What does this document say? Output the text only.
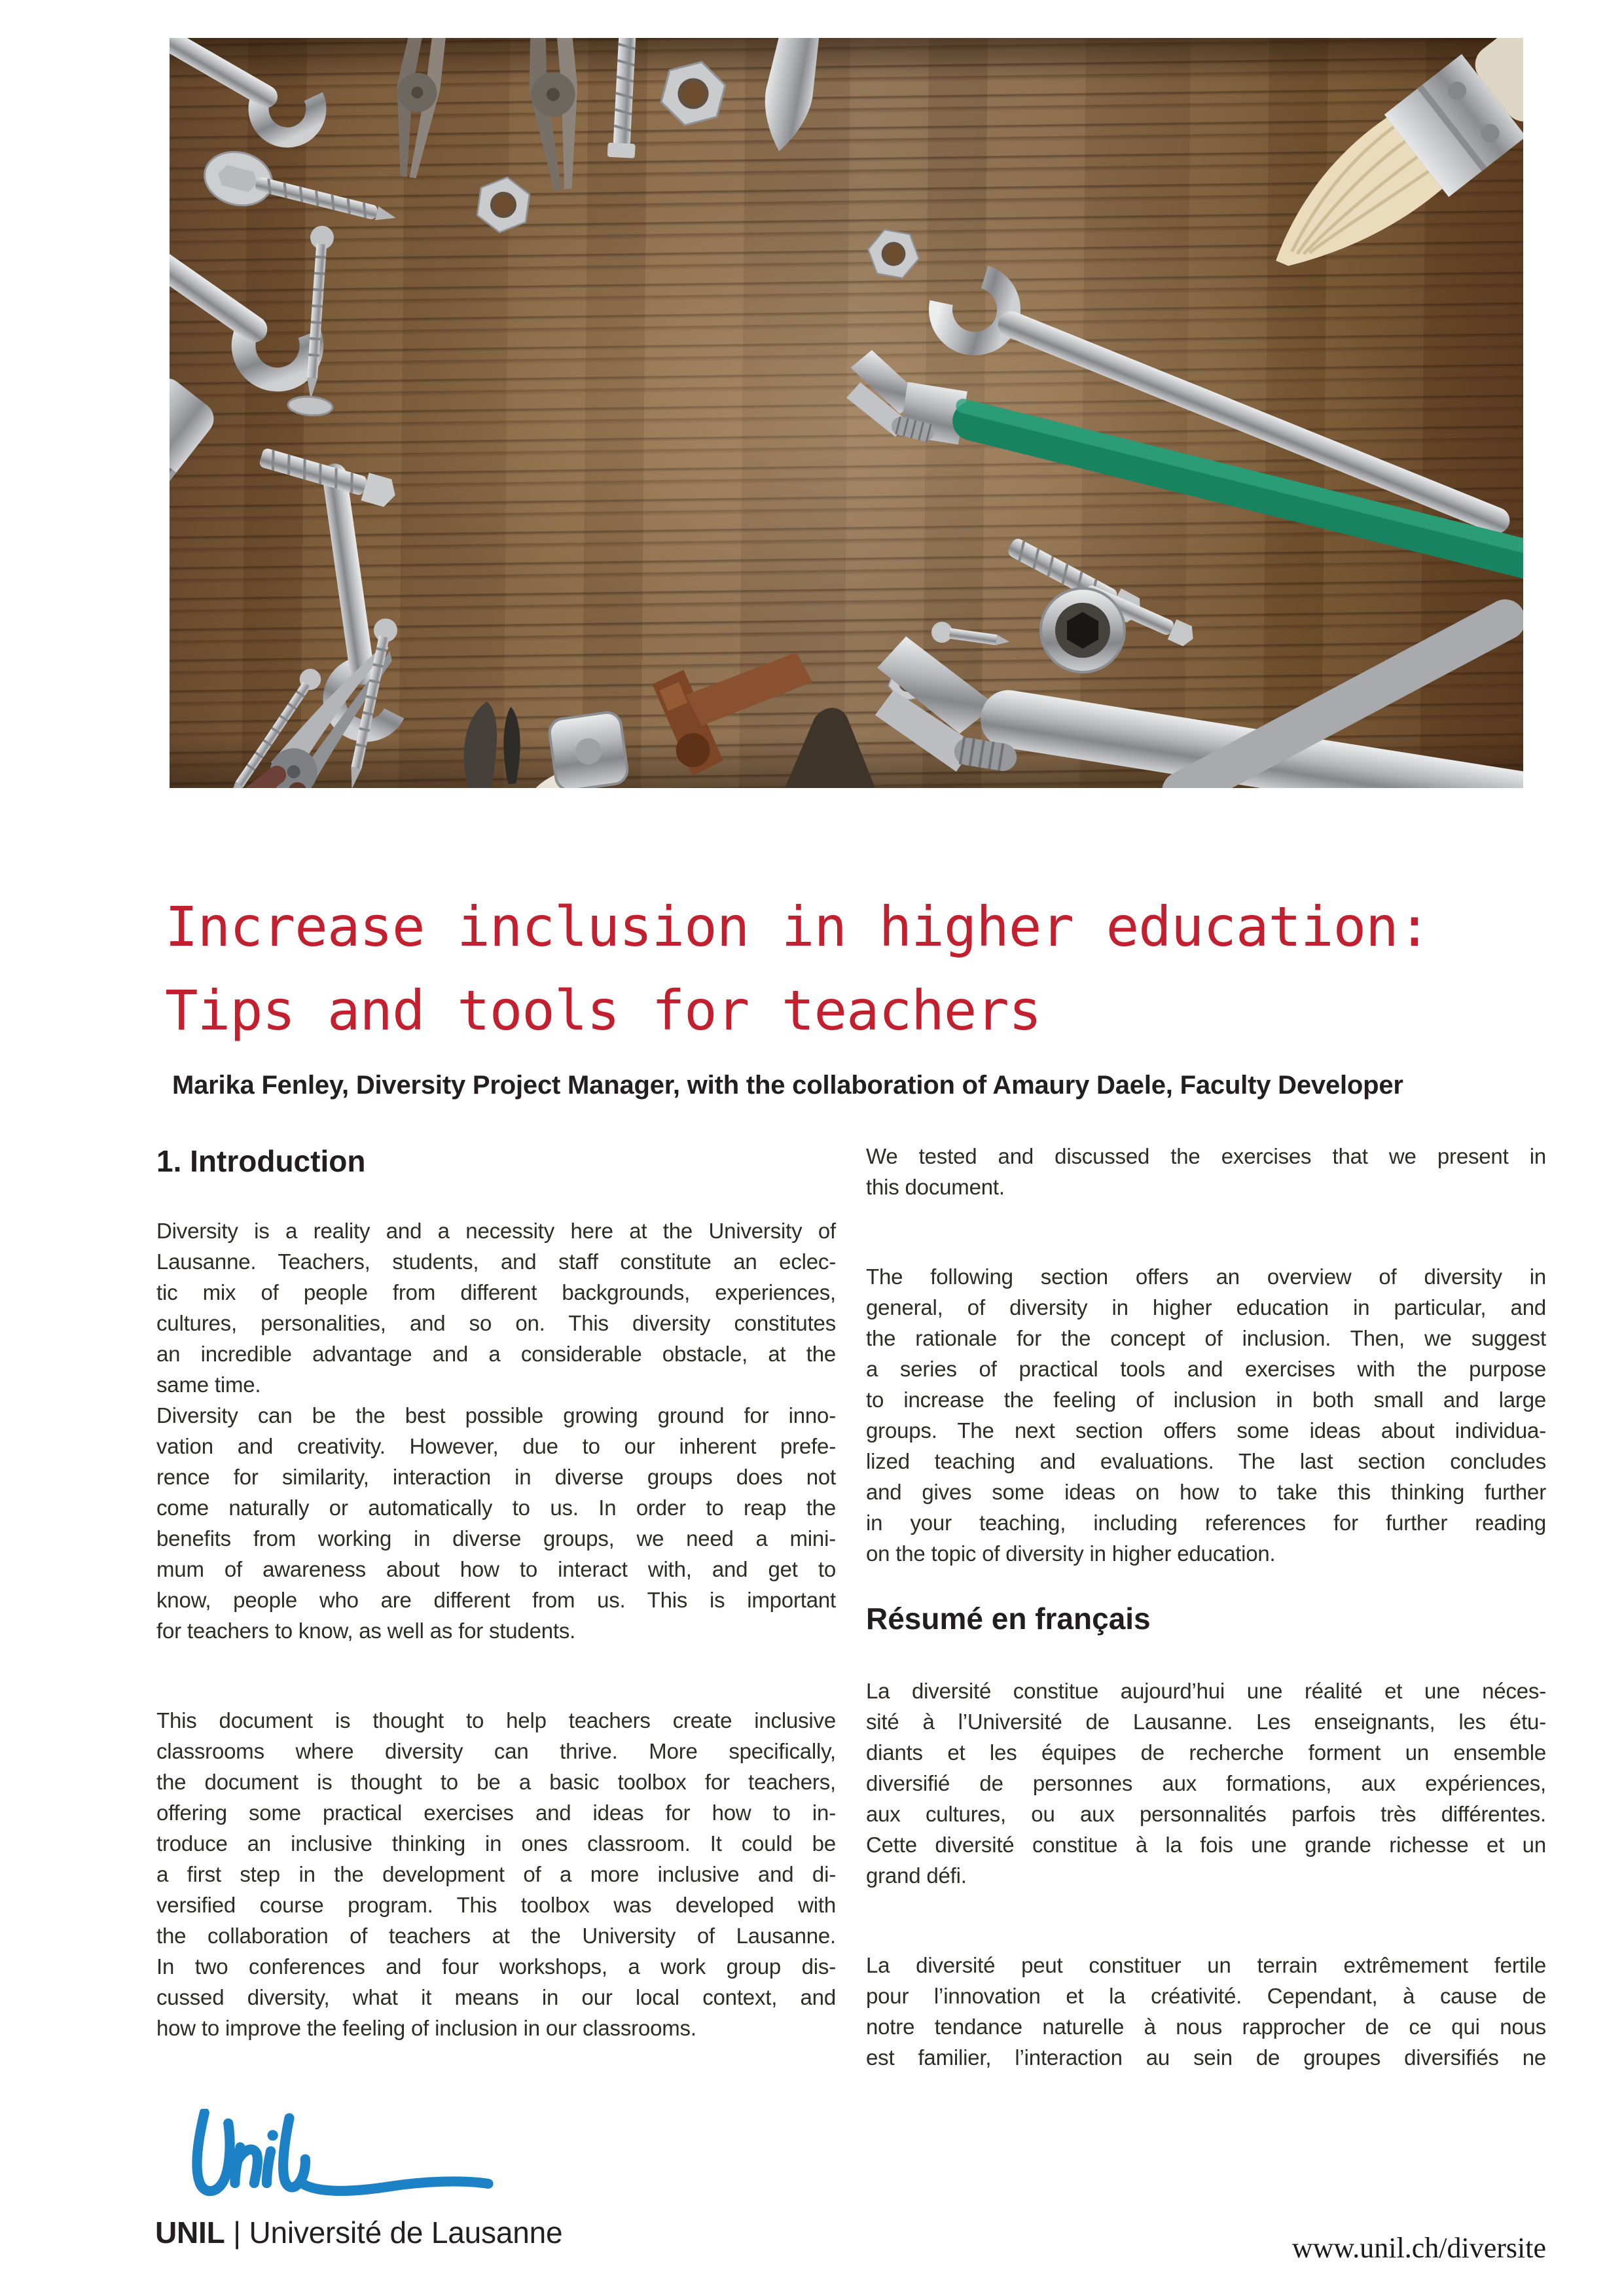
Increase inclusion in higher education:
Tips and tools for teachers
Marika Fenley, Diversity Project Manager, with the collaboration of Amaury Daele, Faculty Developer
1. Introduction
Diversity is a reality and a necessity here at the University of
Lausanne. Teachers, students, and staff constitute an eclec-
tic mix of people from different backgrounds, experiences,
cultures, personalities, and so on. This diversity constitutes
an incredible advantage and a considerable obstacle, at the
same time.
Diversity can be the best possible growing ground for inno-
vation and creativity. However, due to our inherent prefe-
rence for similarity, interaction in diverse groups does not
come naturally or automatically to us. In order to reap the
benefits from working in diverse groups, we need a mini-
mum of awareness about how to interact with, and get to
know, people who are different from us. This is important
for teachers to know, as well as for students.
This document is thought to help teachers create inclusive
classrooms where diversity can thrive. More specifically,
the document is thought to be a basic toolbox for teachers,
offering some practical exercises and ideas for how to in-
troduce an inclusive thinking in ones classroom. It could be
a first step in the development of a more inclusive and di-
versified course program. This toolbox was developed with
the collaboration of teachers at the University of Lausanne.
In two conferences and four workshops, a work group dis-
cussed diversity, what it means in our local context, and
how to improve the feeling of inclusion in our classrooms.
We tested and discussed the exercises that we present in
this document.
The following section offers an overview of diversity in
general, of diversity in higher education in particular, and
the rationale for the concept of inclusion. Then, we suggest
a series of practical tools and exercises with the purpose
to increase the feeling of inclusion in both small and large
groups. The next section offers some ideas about individua-
lized teaching and evaluations. The last section concludes
and gives some ideas on how to take this thinking further
in your teaching, including references for further reading
on the topic of diversity in higher education.
Résumé en français
La diversité constitue aujourd’hui une réalité et une néces-
sité à l’Université de Lausanne. Les enseignants, les étu-
diants et les équipes de recherche forment un ensemble
diversifié de personnes aux formations, aux expériences,
aux cultures, ou aux personnalités parfois très différentes.
Cette diversité constitue à la fois une grande richesse et un
grand défi.
La diversité peut constituer un terrain extrêmement fertile
pour l’innovation et la créativité. Cependant, à cause de
notre tendance naturelle à nous rapprocher de ce qui nous
est familier, l’interaction au sein de groupes diversifiés ne
UNIL | Université de Lausanne	www.unil.ch/diversite
